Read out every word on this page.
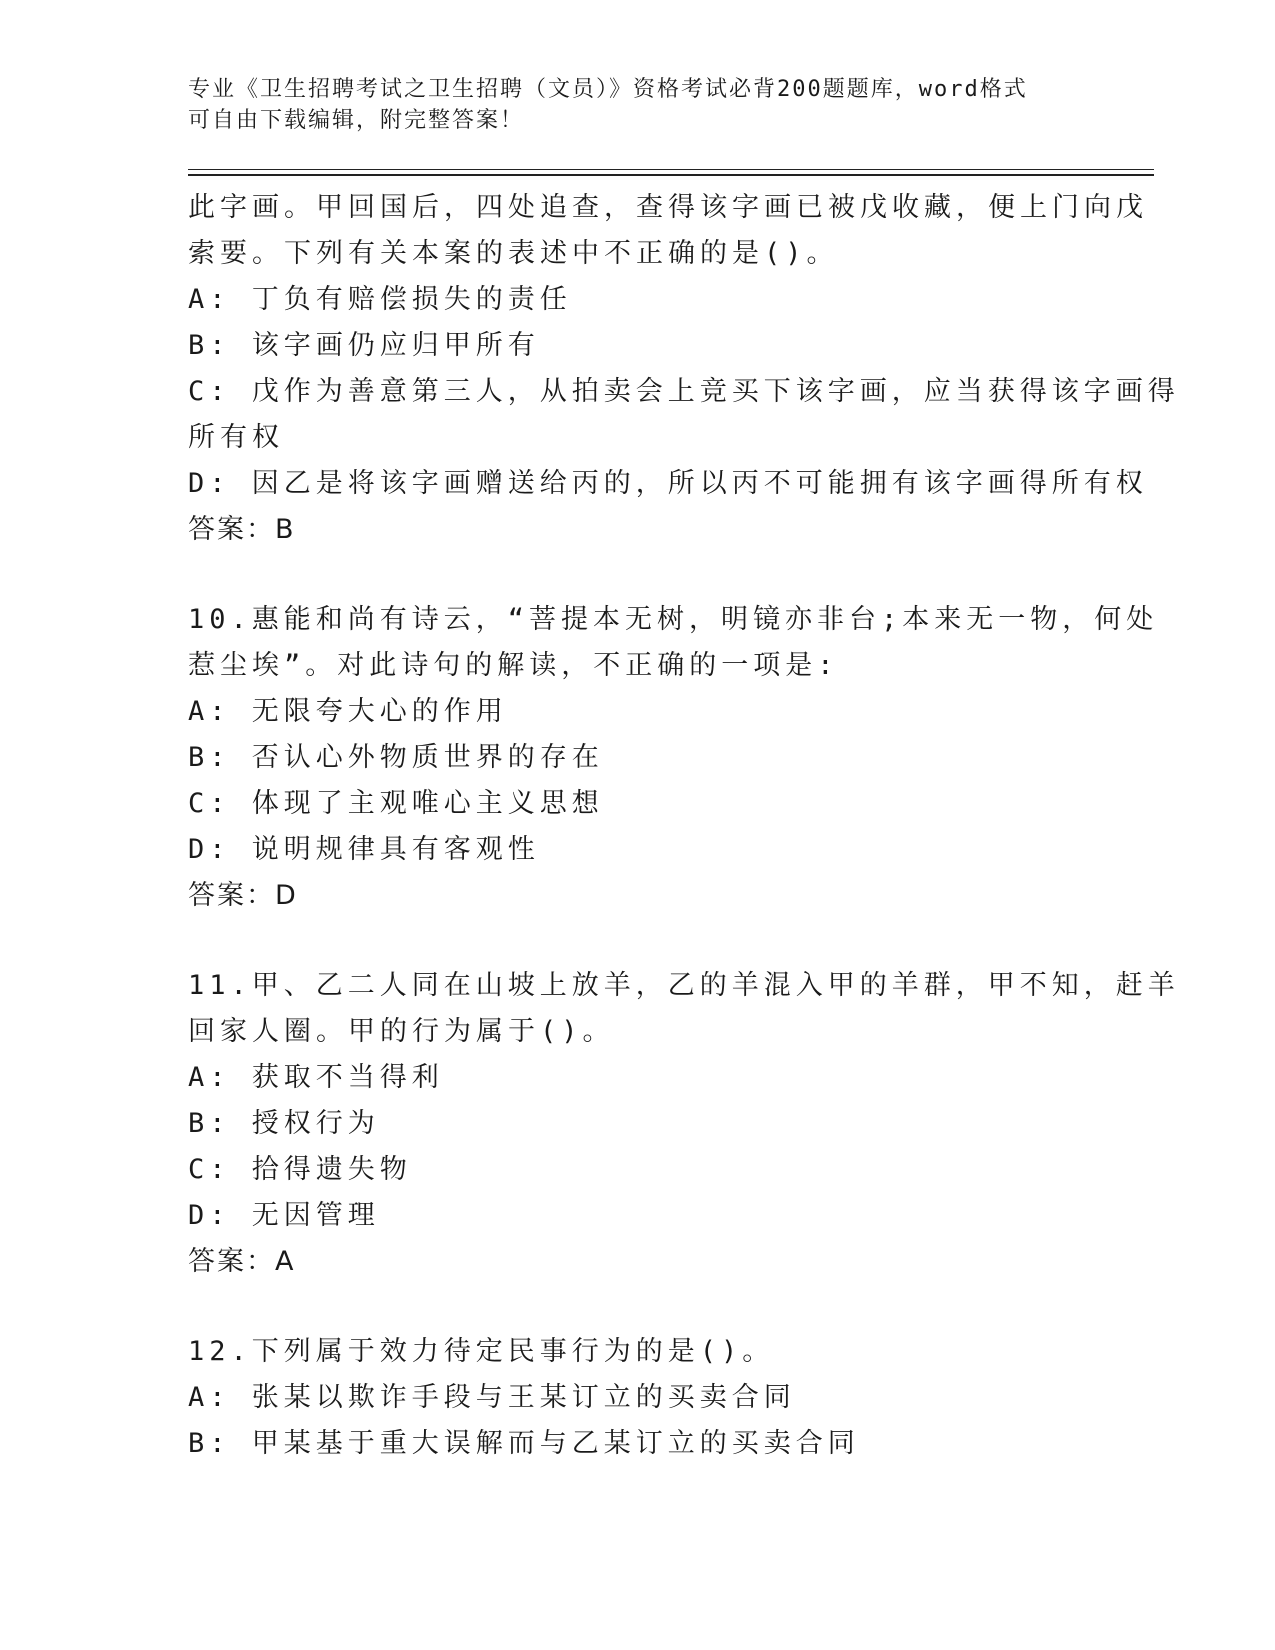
专业《卫生招聘考试之卫生招聘（文员）》资格考试必背200题题库，word格式

可自由下载编辑，附完整答案！

此字画。甲回国后，四处追查，查得该字画已被戊收藏，便上门向戊
索要。下列有关本案的表述中不正确的是()。
A: 丁负有赔偿损失的责任
B: 该字画仍应归甲所有
C: 戊作为善意第三人，从拍卖会上竞买下该字画，应当获得该字画得
所有权
D: 因乙是将该字画赠送给丙的，所以丙不可能拥有该字画得所有权
答案：B
10.惠能和尚有诗云，“菩提本无树，明镜亦非台;本来无一物，何处
惹尘埃”。对此诗句的解读，不正确的一项是:
A: 无限夸大心的作用
B: 否认心外物质世界的存在
C: 体现了主观唯心主义思想
D: 说明规律具有客观性
答案：D
11.甲、乙二人同在山坡上放羊，乙的羊混入甲的羊群，甲不知，赶羊
回家人圈。甲的行为属于()。
A: 获取不当得利
B: 授权行为
C: 拾得遗失物
D: 无因管理
答案：A
12.下列属于效力待定民事行为的是()。
A: 张某以欺诈手段与王某订立的买卖合同
B: 甲某基于重大误解而与乙某订立的买卖合同
